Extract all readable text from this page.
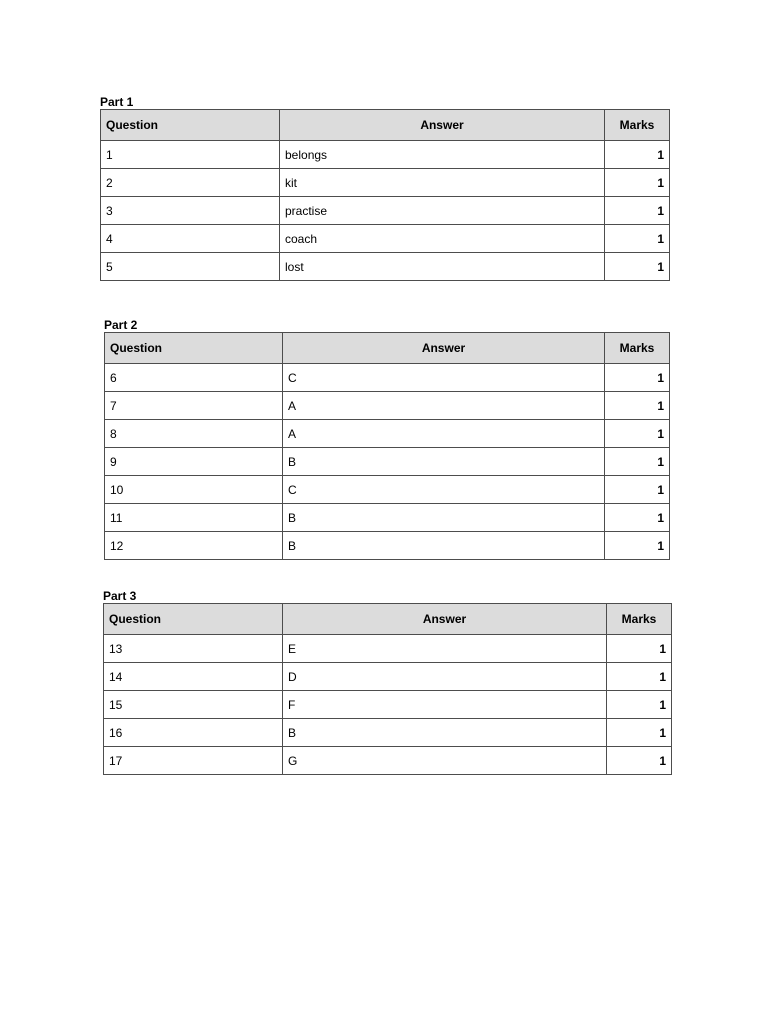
Part 1
Question	Answer	Marks
1	belongs	1
2	kit	1
3	practise	1
4	coach	1
5	lost	1
Part 2
Question	Answer	Marks
6	C	1
7	A	1
8	A	1
9	B	1
10	C	1
11	B	1
12	B	1
Part 3
Question	Answer	Marks
13	E	1
14	D	1
15	F	1
16	B	1
17	G	1
